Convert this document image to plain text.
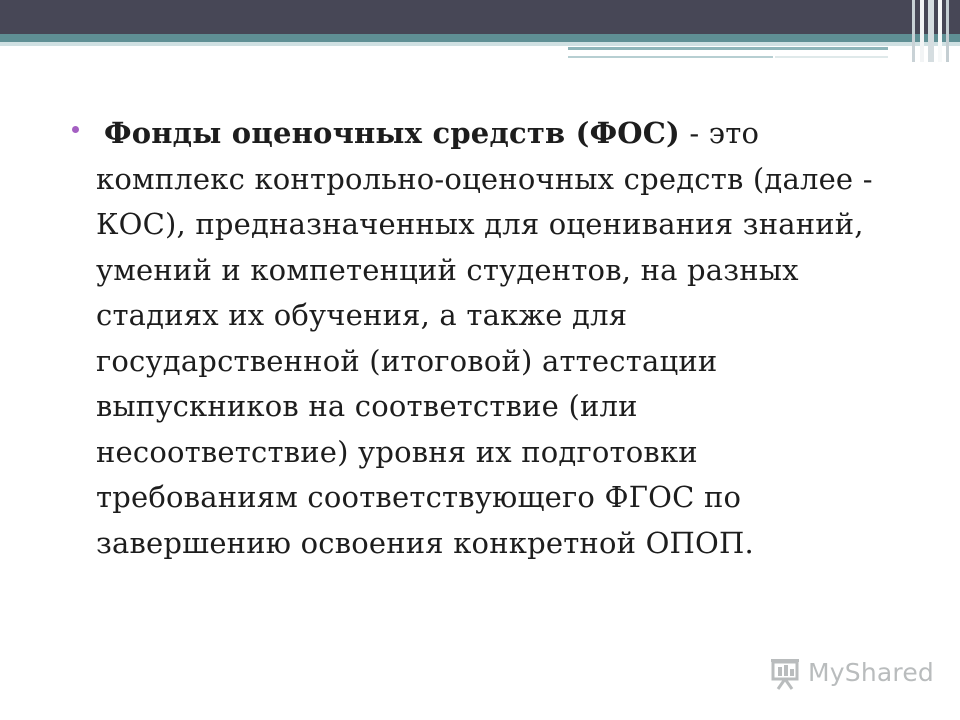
Фонды оценочных средств (ФОС) - это комплекс контрольно-оценочных средств (далее - КОС), предназначенных для оценивания знаний, умений и компетенций студентов, на разных стадиях их обучения, а также для государственной (итоговой) аттестации выпускников на соответствие (или несоответствие) уровня их подготовки требованиям соответствующего ФГОС по завершению освоения конкретной ОПОП.

MyShared
